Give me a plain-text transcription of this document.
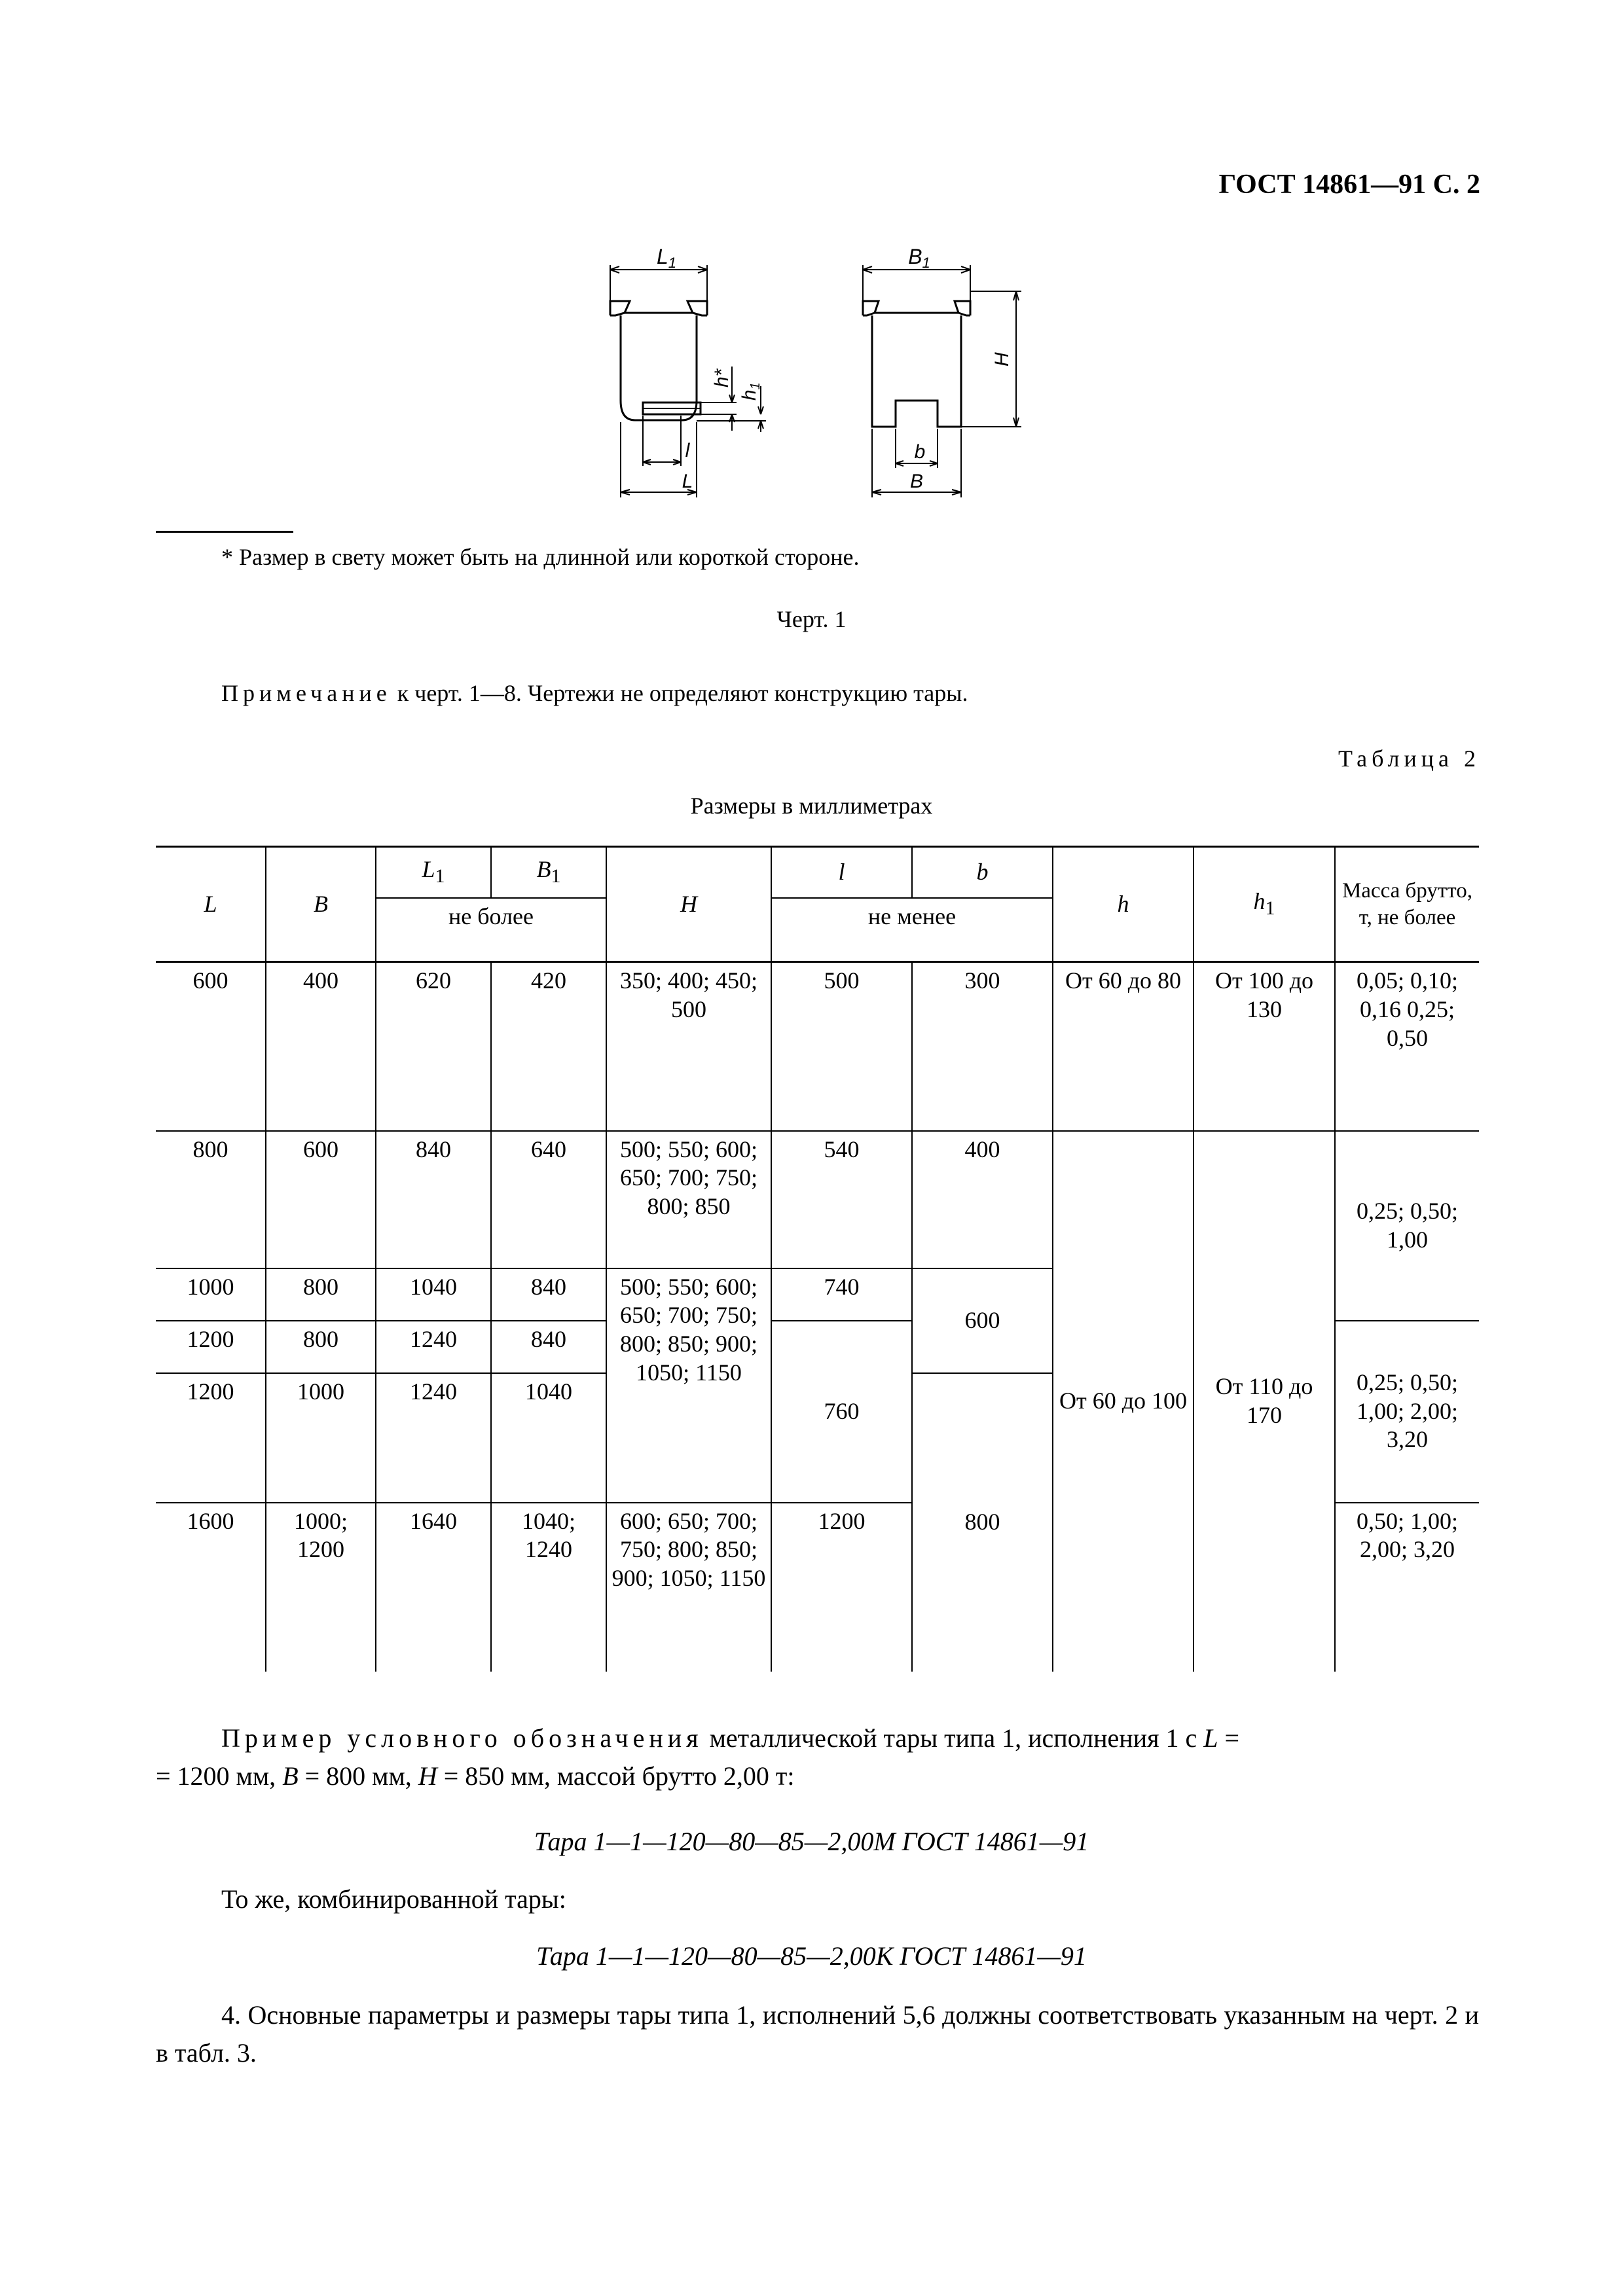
ГОСТ 14861—91 С. 2
L1
l
L
h*
$h_1$
B1
b
B
H
* Размер в свету может быть на длинной или короткой стороне.
Черт. 1
Примечание к черт. 1—8. Чертежи не определяют конструкцию тары.
Таблица 2
Размеры в миллиметрах
L	B	$L_1$	$B_1$	H	l	b	h	$h_1$	Масса брутто, т, не более
		не более			не менее				
600	400	620	420	350; 400; 450; 500	500	300	От 60 до 80	От 100 до 130	0,05; 0,10; 0,16 0,25; 0,50
800	600	840	640	500; 550; 600; 650; 700; 750; 800; 850	540	400	От 60 до 100	От 110 до 170	0,25; 0,50; 1,00
1000	800	1040	840	500; 550; 600; 650; 700; 750; 800; 850; 900; 1050; 1150	740	600			
1200	800	1240	840		760				0,25; 0,50; 1,00; 2,00; 3,20
1200	1000	1240	1040			800			
1600	1000; 1200	1640	1040; 1240	600; 650; 700; 750; 800; 850; 900; 1050; 1150	1200				0,50; 1,00; 2,00; 3,20
Пример условного обозначения металлической тары типа 1, исполнения 1 с L =
= 1200 мм, B = 800 мм, H = 850 мм, массой брутто 2,00 т:
Тара 1—1—120—80—85—2,00М ГОСТ 14861—91
То же, комбинированной тары:
Тара 1—1—120—80—85—2,00К ГОСТ 14861—91
4. Основные параметры и размеры тары типа 1, исполнений 5,6 должны соответствовать указанным на черт. 2 и в табл. 3.
